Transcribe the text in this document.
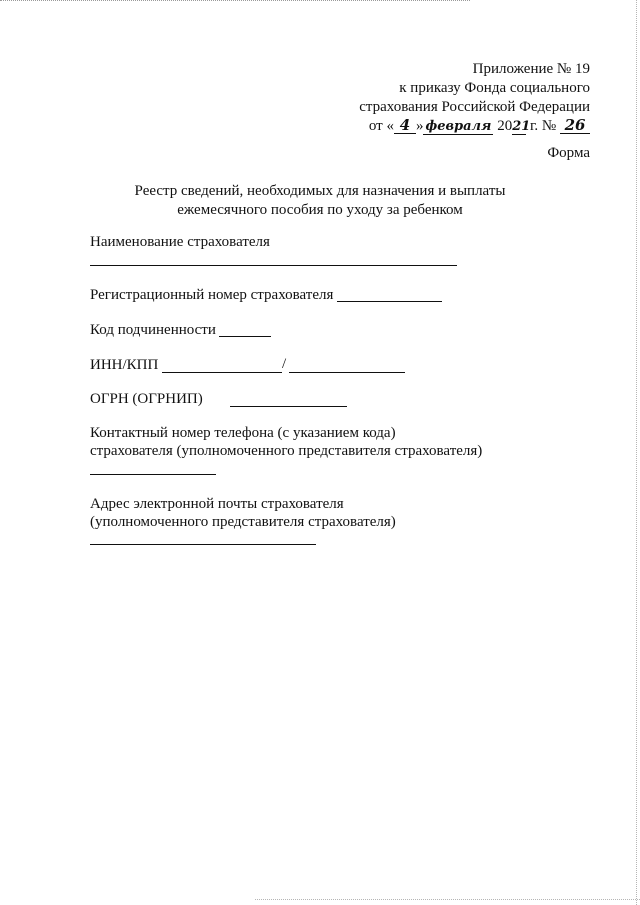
Приложение № 19
к приказу Фонда социального
страхования Российской Федерации
от « 4 » февраля 2021 г. № 26
Форма
Реестр сведений, необходимых для назначения и выплаты
ежемесячного пособия по уходу за ребенком
Наименование страхователя
Регистрационный номер страхователя
Код подчиненности
ИНН/КПП	/
ОГРН (ОГРНИП)
Контактный номер телефона (с указанием кода)
страхователя (уполномоченного представителя страхователя)
Адрес электронной почты страхователя
(уполномоченного представителя страхователя)
